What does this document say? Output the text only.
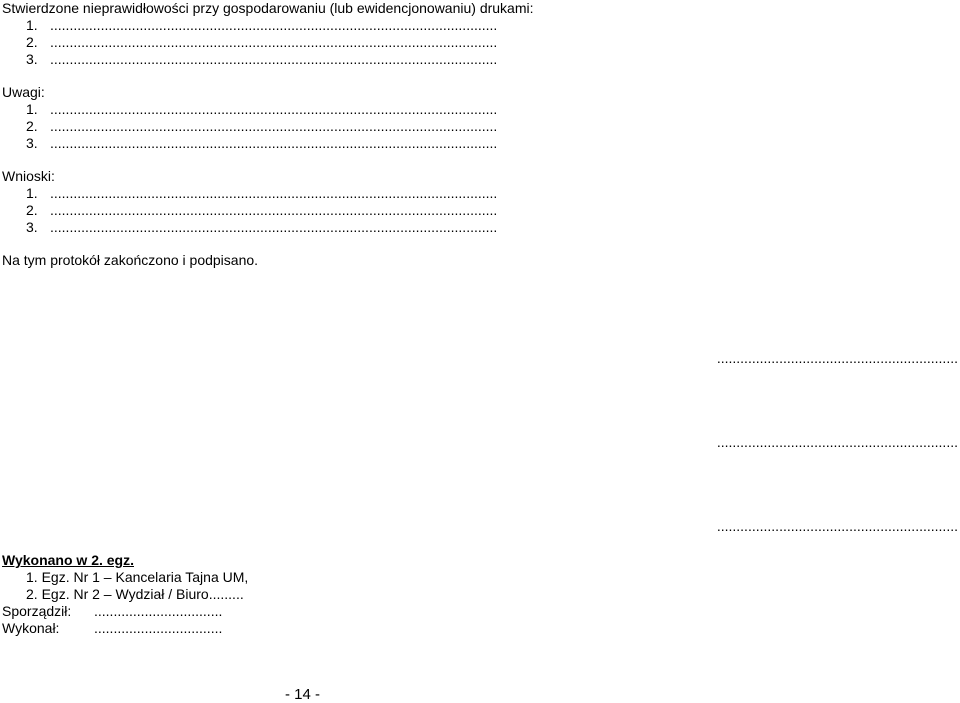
Stwierdzone nieprawidłowości przy gospodarowaniu (lub ewidencjonowaniu) drukami:
1. ...................................................................................................................
2. ...................................................................................................................
3. ...................................................................................................................
Uwagi:
1. ...................................................................................................................
2. ...................................................................................................................
3. ...................................................................................................................
Wnioski:
1. ...................................................................................................................
2. ...................................................................................................................
3. ...................................................................................................................
Na tym protokół zakończono i podpisano.
..............................................................
..............................................................
..............................................................
Wykonano w 2. egz.
1. Egz. Nr 1 – Kancelaria Tajna UM,
2. Egz. Nr 2 – Wydział / Biuro.........
Sporządził: .................................
Wykonał: .................................
- 14 -
